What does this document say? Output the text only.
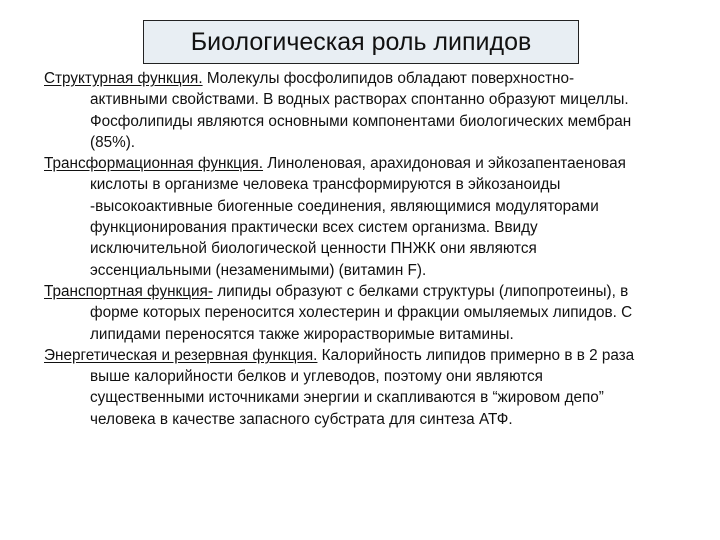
Биологическая роль липидов

Структурная функция. Молекулы фосфолипидов обладают поверхностно-активными свойствами. В водных растворах спонтанно образуют мицеллы. Фосфолипиды являются основными компонентами биологических мембран (85%).

Трансформационная функция. Линоленовая, арахидоновая и эйкозапентаеновая кислоты в организме человека трансформируются в эйкозаноиды -высокоактивные биогенные соединения, являющимися модуляторами функционирования практически всех систем организма. Ввиду исключительной биологической ценности ПНЖК они являются эссенциальными (незаменимыми) (витамин F).

Транспортная функция- липиды образуют с белками структуры (липопротеины), в форме которых переносится холестерин и фракции омыляемых липидов. С липидами переносятся также жирорастворимые витамины.

Энергетическая и резервная функция. Калорийность липидов примерно в в 2 раза выше калорийности белков и углеводов, поэтому они являются существенными источниками энергии и скапливаются в “жировом депо” человека в качестве запасного субстрата для синтеза АТФ.
